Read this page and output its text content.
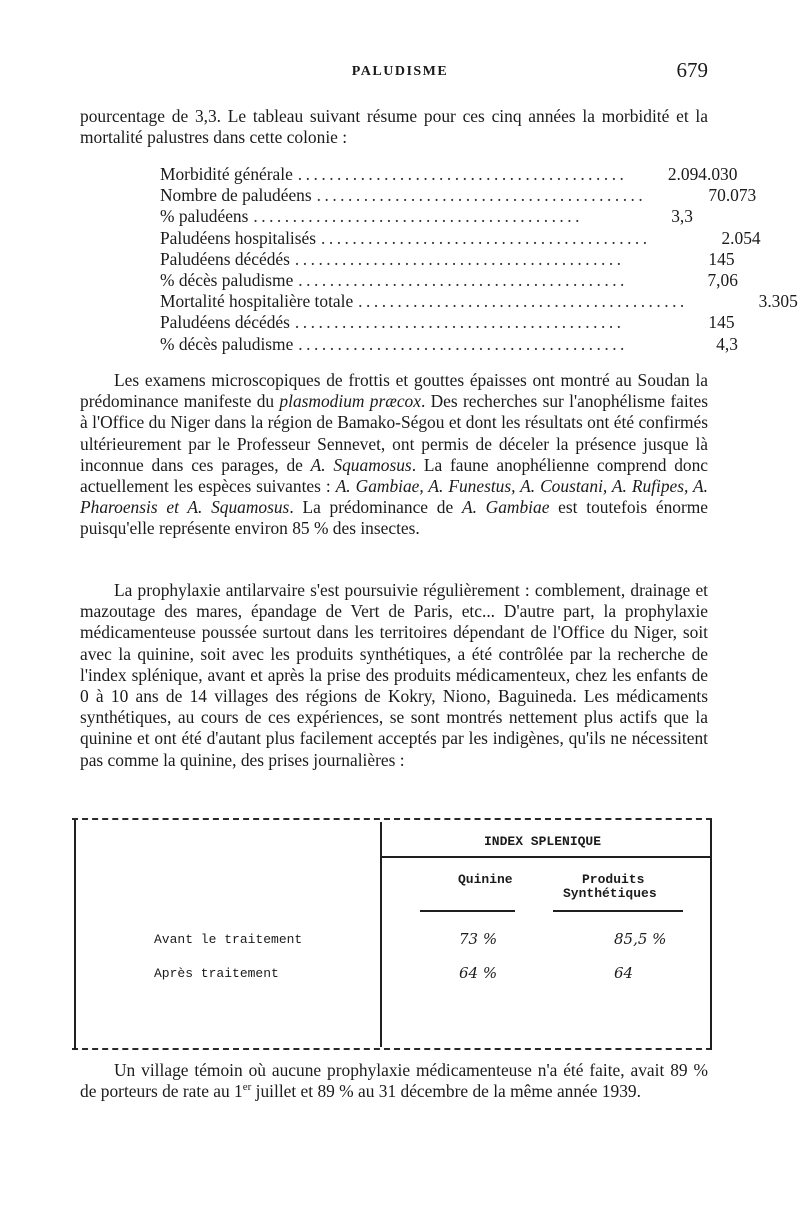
PALUDISME	679

pourcentage de 3,3. Le tableau suivant résume pour ces cinq années la morbidité et la mortalité palustres dans cette colonie :

Morbidité générale ..........................................	2.094.030
Nombre de paludéens ..........................................	70.073
% paludéens ..........................................	3,3
Paludéens hospitalisés ..........................................	2.054
Paludéens décédés ..........................................	145
% décès paludisme ..........................................	7,06
Mortalité hospitalière totale ..........................................	3.305
Paludéens décédés ..........................................	145
% décès paludisme ..........................................	4,3

Les examens microscopiques de frottis et gouttes épaisses ont montré au Soudan la prédominance manifeste du plasmodium præcox. Des recherches sur l'anophélisme faites à l'Office du Niger dans la région de Bamako-Ségou et dont les résultats ont été confirmés ultérieurement par le Professeur Sennevet, ont permis de déceler la présence jusque là inconnue dans ces parages, de A. Squamosus. La faune anophélienne comprend donc actuellement les espèces suivantes : A. Gambiae, A. Funestus, A. Coustani, A. Rufipes, A. Pharoensis et A. Squamosus. La prédominance de A. Gambiae est toutefois énorme puisqu'elle représente environ 85 % des insectes.

La prophylaxie antilarvaire s'est poursuivie régulièrement : comblement, drainage et mazoutage des mares, épandage de Vert de Paris, etc... D'autre part, la prophylaxie médicamenteuse poussée surtout dans les territoires dépendant de l'Office du Niger, soit avec la quinine, soit avec les produits synthétiques, a été contrôlée par la recherche de l'index splénique, avant et après la prise des produits médicamenteux, chez les enfants de 0 à 10 ans de 14 villages des régions de Kokry, Niono, Baguineda. Les médicaments synthétiques, au cours de ces expériences, se sont montrés nettement plus actifs que la quinine et ont été d'autant plus facilement acceptés par les indigènes, qu'ils ne nécessitent pas comme la quinine, des prises journalières :

INDEX SPLENIQUE
Quinine	Produits
Synthétiques
Avant le traitement	73 %	85,5 %
Après traitement	64 %	64

Un village témoin où aucune prophylaxie médicamenteuse n'a été faite, avait 89 % de porteurs de rate au 1er juillet et 89 % au 31 décembre de la même année 1939.
